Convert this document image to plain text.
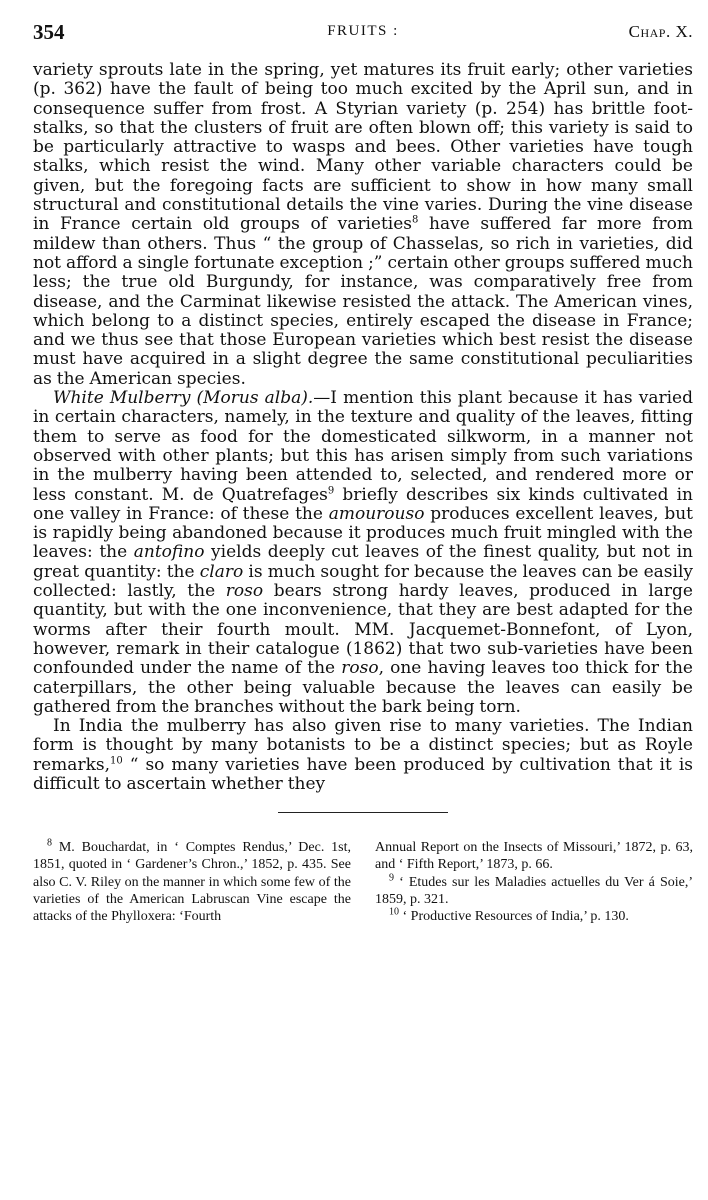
354	FRUITS :	Chap. X.

variety sprouts late in the spring, yet matures its fruit early; other varieties (p. 362) have the fault of being too much excited by the April sun, and in consequence suffer from frost. A Styrian variety (p. 254) has brittle foot-stalks, so that the clusters of fruit are often blown off; this variety is said to be particularly attractive to wasps and bees. Other varieties have tough stalks, which resist the wind. Many other variable characters could be given, but the foregoing facts are sufficient to show in how many small structural and constitutional details the vine varies. During the vine disease in France certain old groups of varieties$^8$ have suffered far more from mildew than others. Thus “ the group of Chasselas, so rich in varieties, did not afford a single fortunate exception ;” certain other groups suffered much less; the true old Burgundy, for instance, was comparatively free from disease, and the Carminat likewise resisted the attack. The American vines, which belong to a distinct species, entirely escaped the disease in France; and we thus see that those European varieties which best resist the disease must have acquired in a slight degree the same constitutional peculiarities as the American species.

White Mulberry (Morus alba).—I mention this plant because it has varied in certain characters, namely, in the texture and quality of the leaves, fitting them to serve as food for the domesticated silkworm, in a manner not observed with other plants; but this has arisen simply from such variations in the mulberry having been attended to, selected, and rendered more or less constant. M. de Quatrefages$^9$ briefly describes six kinds cultivated in one valley in France: of these the amourouso produces excellent leaves, but is rapidly being abandoned because it produces much fruit mingled with the leaves: the antofino yields deeply cut leaves of the finest quality, but not in great quantity: the claro is much sought for because the leaves can be easily collected: lastly, the roso bears strong hardy leaves, produced in large quantity, but with the one inconvenience, that they are best adapted for the worms after their fourth moult. MM. Jacquemet-Bonnefont, of Lyon, however, remark in their catalogue (1862) that two sub-varieties have been confounded under the name of the roso, one having leaves too thick for the caterpillars, the other being valuable because the leaves can easily be gathered from the branches without the bark being torn.

In India the mulberry has also given rise to many varieties. The Indian form is thought by many botanists to be a distinct species; but as Royle remarks,$^{10}$ “ so many varieties have been produced by cultivation that it is difficult to ascertain whether they

$^8$ M. Bouchardat, in ‘ Comptes Rendus,’ Dec. 1st, 1851, quoted in ‘ Gardener’s Chron.,’ 1852, p. 435. See also C. V. Riley on the manner in which some few of the varieties of the American Labruscan Vine escape the attacks of the Phylloxera: ‘Fourth

Annual Report on the Insects of Missouri,’ 1872, p. 63, and ‘ Fifth Report,’ 1873, p. 66.

$^9$ ‘ Etudes sur les Maladies actuelles du Ver á Soie,’ 1859, p. 321.

$^{10}$ ‘ Productive Resources of India,’ p. 130.
